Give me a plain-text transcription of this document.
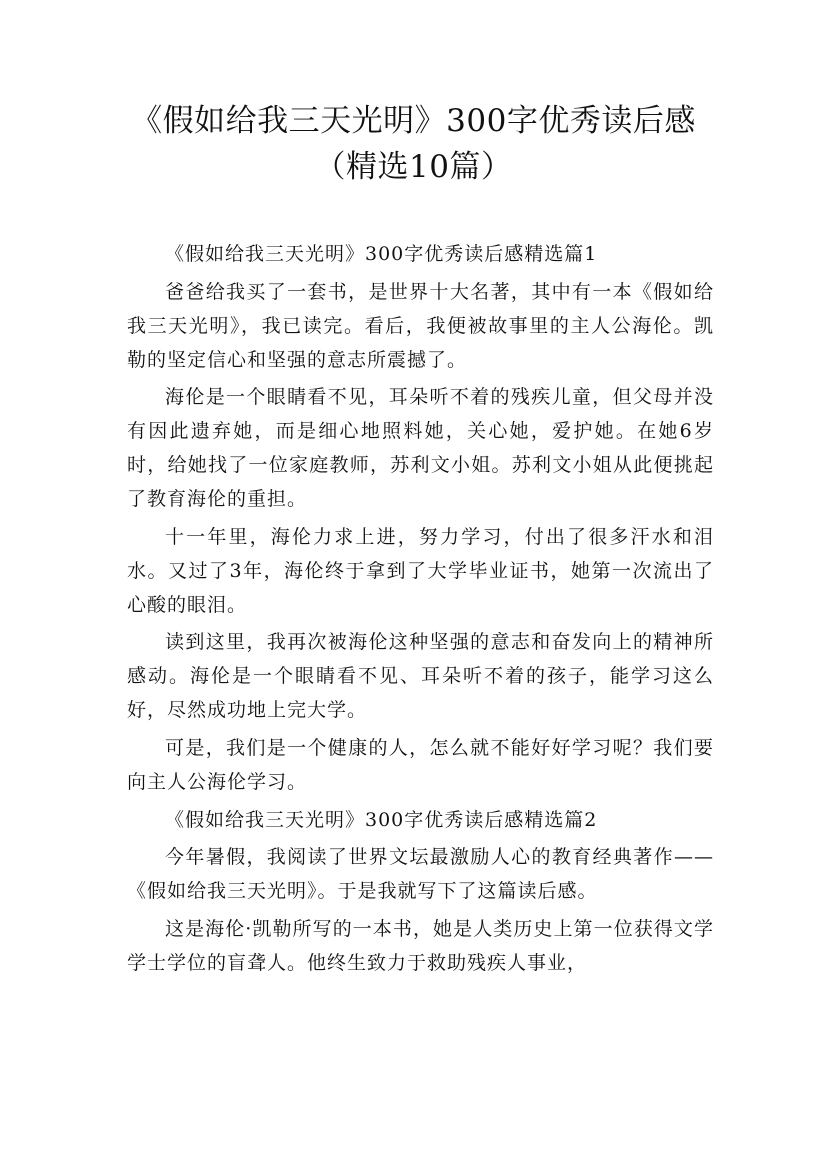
《假如给我三天光明》300字优秀读后感（精选10篇）

《假如给我三天光明》300字优秀读后感精选篇1

爸爸给我买了一套书，是世界十大名著，其中有一本《假如给我三天光明》，我已读完。看后，我便被故事里的主人公海伦。凯勒的坚定信心和坚强的意志所震撼了。

海伦是一个眼睛看不见，耳朵听不着的残疾儿童，但父母并没有因此遗弃她，而是细心地照料她，关心她，爱护她。在她6岁时，给她找了一位家庭教师，苏利文小姐。苏利文小姐从此便挑起了教育海伦的重担。

十一年里，海伦力求上进，努力学习，付出了很多汗水和泪水。又过了3年，海伦终于拿到了大学毕业证书，她第一次流出了心酸的眼泪。

读到这里，我再次被海伦这种坚强的意志和奋发向上的精神所感动。海伦是一个眼睛看不见、耳朵听不着的孩子，能学习这么好，尽然成功地上完大学。

可是，我们是一个健康的人，怎么就不能好好学习呢？我们要向主人公海伦学习。

《假如给我三天光明》300字优秀读后感精选篇2

今年暑假，我阅读了世界文坛最激励人心的教育经典著作——《假如给我三天光明》。于是我就写下了这篇读后感。

这是海伦·凯勒所写的一本书，她是人类历史上第一位获得文学学士学位的盲聋人。他终生致力于救助残疾人事业，
